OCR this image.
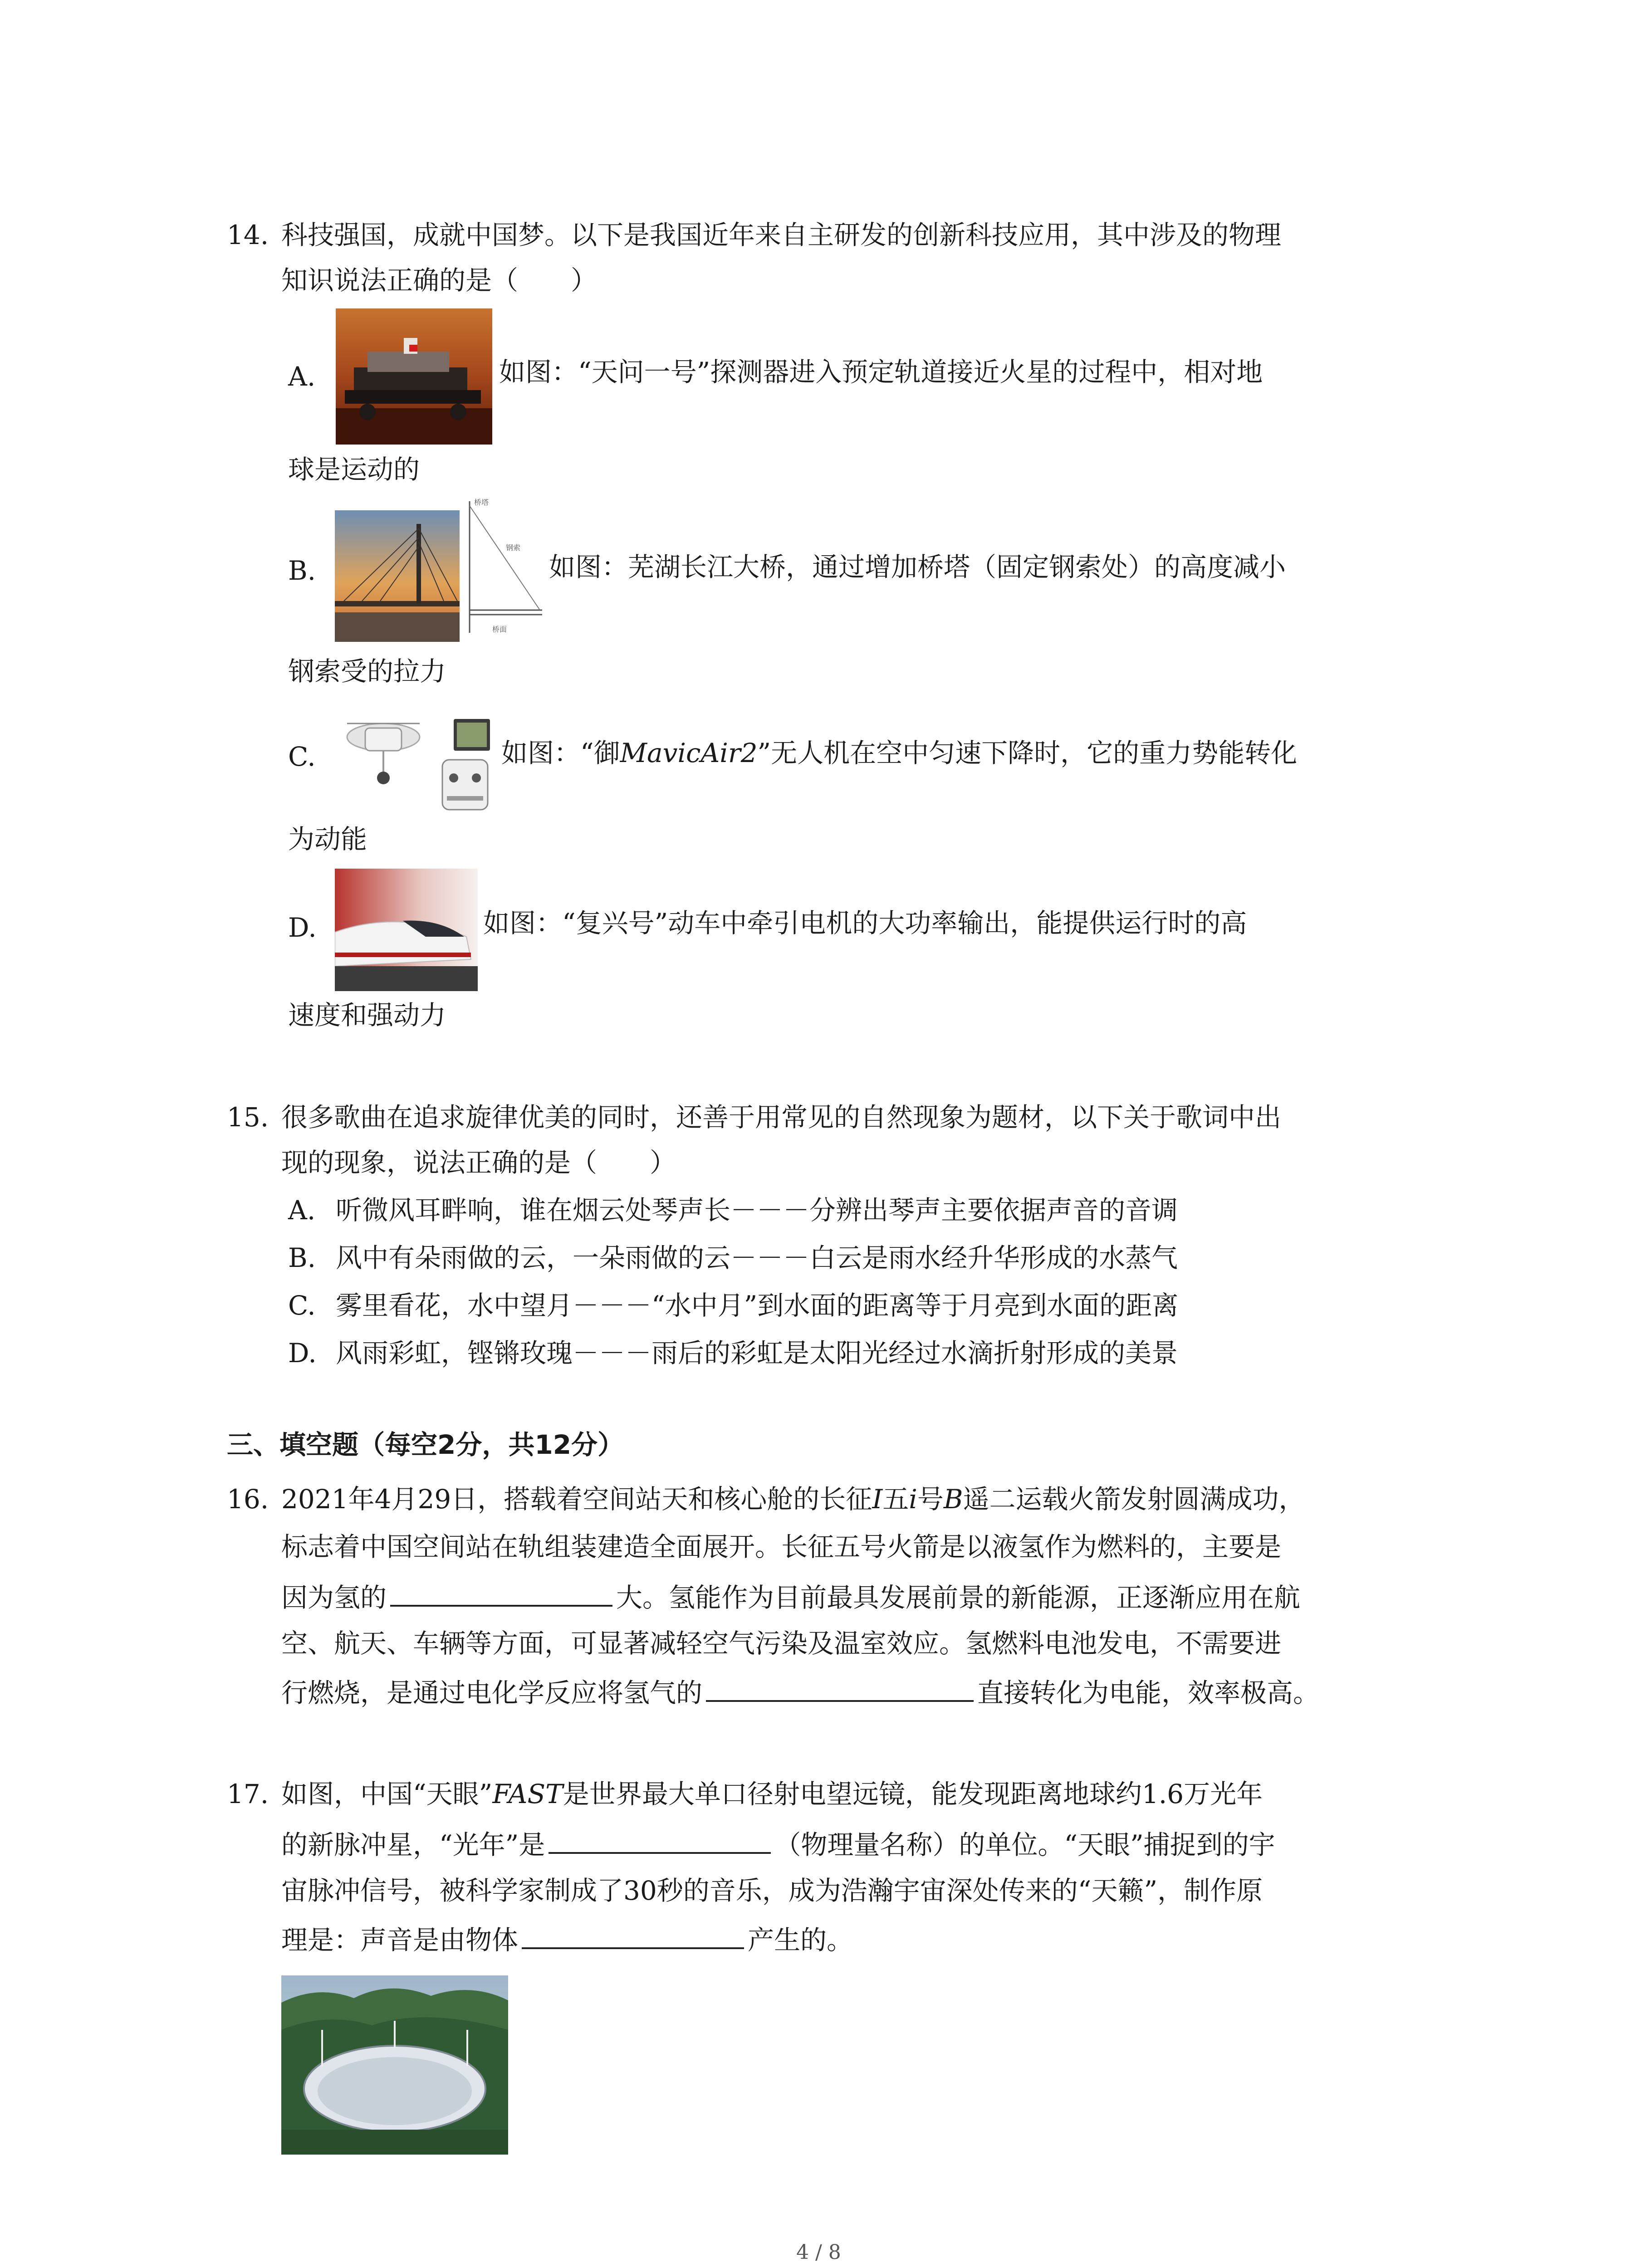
14. 科技强国，成就中国梦。以下是我国近年来自主研发的创新科技应用，其中涉及的物理
知识说法正确的是（　　）
A.	如图：“天问一号”探测器进入预定轨道接近火星的过程中，相对地
球是运动的
B.
桥塔
钢索
桥面
如图：芜湖长江大桥，通过增加桥塔（固定钢索处）的高度减小
钢索受的拉力
C.	如图：“御MavicAir2”无人机在空中匀速下降时，它的重力势能转化
为动能
D.	如图：“复兴号”动车中牵引电机的大功率输出，能提供运行时的高
速度和强动力
15. 很多歌曲在追求旋律优美的同时，还善于用常见的自然现象为题材，以下关于歌词中出
现的现象，说法正确的是（　　）
A. 听微风耳畔响，谁在烟云处琴声长－－－分辨出琴声主要依据声音的音调
B. 风中有朵雨做的云，一朵雨做的云－－－白云是雨水经升华形成的水蒸气
C. 雾里看花，水中望月－－－“水中月”到水面的距离等于月亮到水面的距离
D. 风雨彩虹，铿锵玫瑰－－－雨后的彩虹是太阳光经过水滴折射形成的美景
三、填空题（每空2分，共12分）
16. 2021年4月29日，搭载着空间站天和核心舱的长征I五i号B遥二运载火箭发射圆满成功，
标志着中国空间站在轨组装建造全面展开。长征五号火箭是以液氢作为燃料的，主要是
因为氢的	大。氢能作为目前最具发展前景的新能源，正逐渐应用在航
空、航天、车辆等方面，可显著减轻空气污染及温室效应。氢燃料电池发电，不需要进
行燃烧，是通过电化学反应将氢气的	直接转化为电能，效率极高。
17. 如图，中国“天眼”FAST是世界最大单口径射电望远镜，能发现距离地球约1.6万光年
的新脉冲星，“光年”是	（物理量名称）的单位。“天眼”捕捉到的宇
宙脉冲信号，被科学家制成了30秒的音乐，成为浩瀚宇宙深处传来的“天籁”，制作原
理是：声音是由物体	产生的。
4 / 8
